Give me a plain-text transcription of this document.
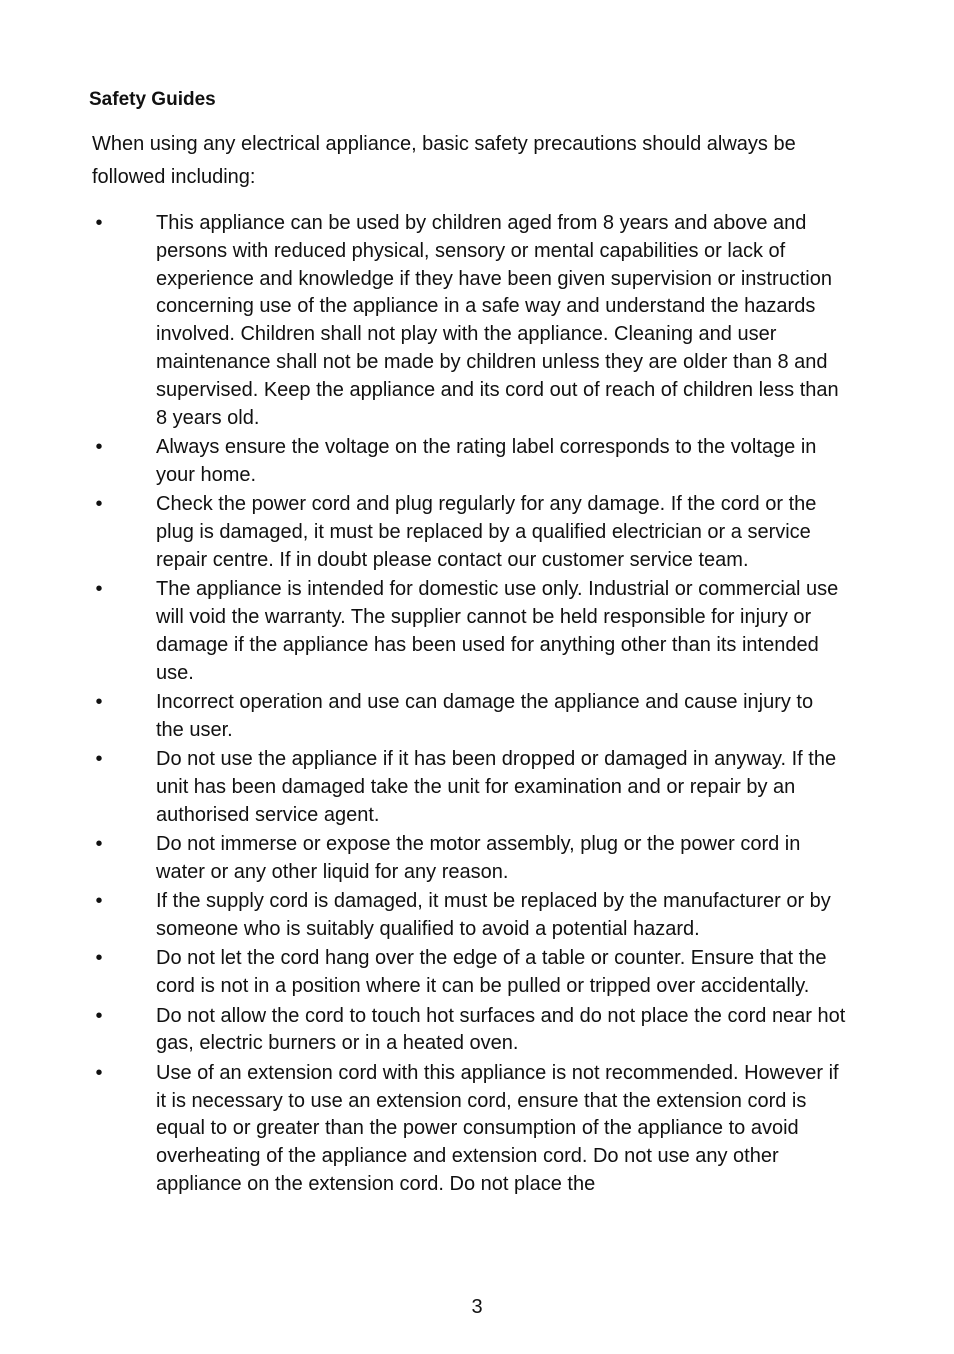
Safety Guides
When using any electrical appliance, basic safety precautions should always be followed including:
•	This appliance can be used by children aged from 8 years and above and persons with reduced physical, sensory or mental capabilities or lack of experience and knowledge if they have been given supervision or instruction concerning use of the appliance in a safe way and understand the hazards involved. Children shall not play with the appliance. Cleaning and user maintenance shall not be made by children unless they are older than 8 and supervised. Keep the appliance and its cord out of reach of children less than 8 years old.
•	Always ensure the voltage on the rating label corresponds to the voltage in your home.
•	Check the power cord and plug regularly for any damage. If the cord or the plug is damaged, it must be replaced by a qualified electrician or a service repair centre. If in doubt please contact our customer service team.
•	The appliance is intended for domestic use only. Industrial or commercial use will void the warranty. The supplier cannot be held responsible for injury or damage if the appliance has been used for anything other than its intended use.
•	Incorrect operation and use can damage the appliance and cause injury to the user.
•	Do not use the appliance if it has been dropped or damaged in anyway. If the unit has been damaged take the unit for examination and or repair by an authorised service agent.
•	Do not immerse or expose the motor assembly, plug or the power cord in water or any other liquid for any reason.
•	If the supply cord is damaged, it must be replaced by the manufacturer or by someone who is suitably qualified to avoid a potential hazard.
•	Do not let the cord hang over the edge of a table or counter. Ensure that the cord is not in a position where it can be pulled or tripped over accidentally.
•	Do not allow the cord to touch hot surfaces and do not place the cord near hot gas, electric burners or in a heated oven.
•	Use of an extension cord with this appliance is not recommended. However if it is necessary to use an extension cord, ensure that the extension cord is equal to or greater than the power consumption of the appliance to avoid overheating of the appliance and extension cord. Do not use any other appliance on the extension cord. Do not place the
3
